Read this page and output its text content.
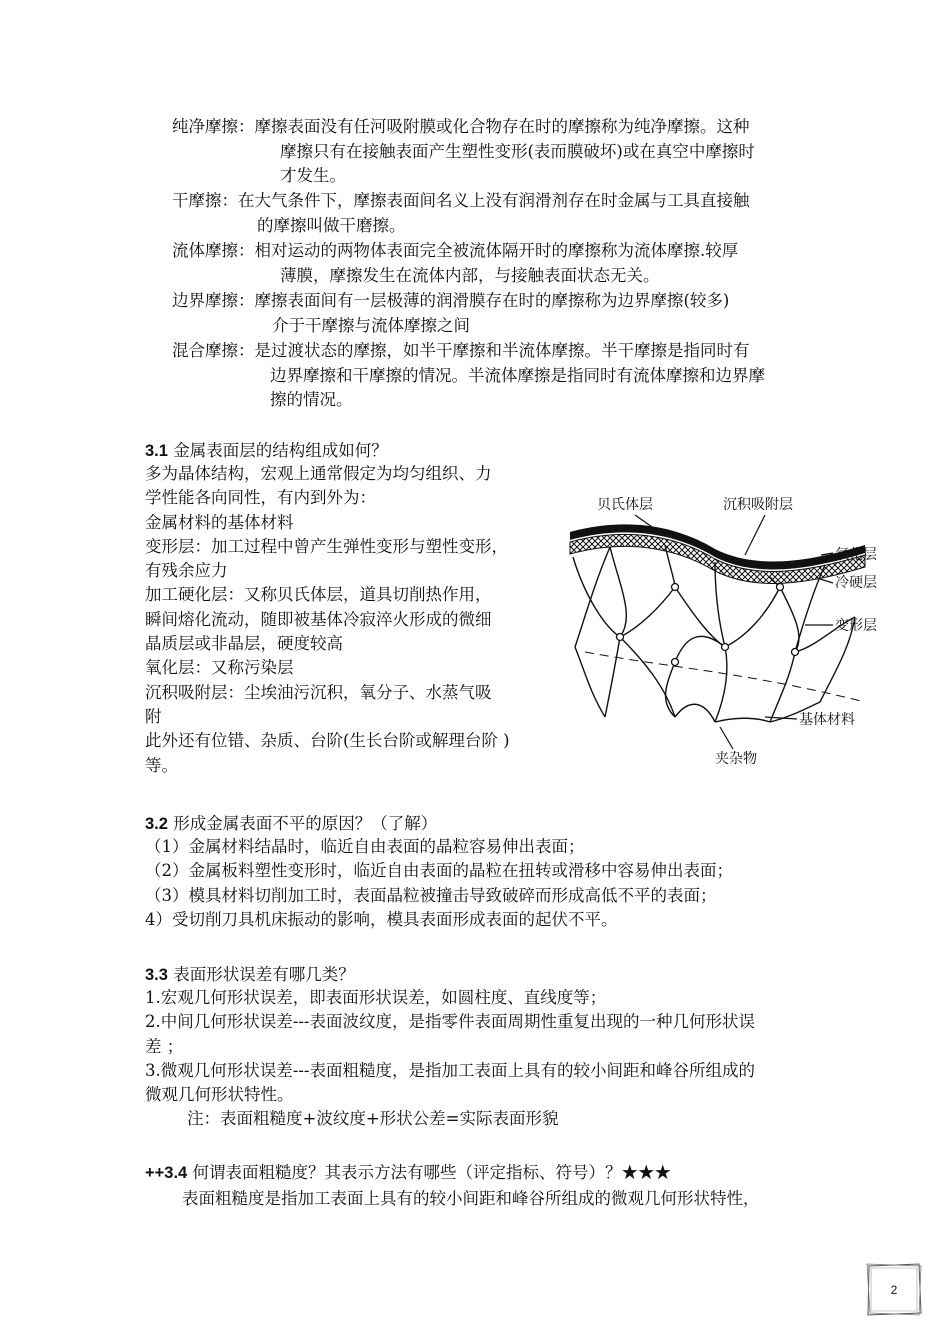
纯净摩擦：摩擦表面没有任河吸附膜或化合物存在时的摩擦称为纯净摩擦。这种
摩擦只有在接触表面产生塑性变形(表而膜破坏)或在真空中摩擦时
才发生。
干摩擦：在大气条件下，摩擦表面间名义上没有润滑剂存在时金属与工具直接触
的摩擦叫做干磨擦。
流体摩擦：相对运动的两物体表面完全被流体隔开时的摩擦称为流体摩擦.较厚
薄膜，摩擦发生在流体内部，与接触表面状态无关。
边界摩擦：摩擦表面间有一层极薄的润滑膜存在时的摩擦称为边界摩擦(较多)
介于干摩擦与流体摩擦之间
混合摩擦：是过渡状态的摩擦，如半干摩擦和半流体摩擦。半干摩擦是指同时有
边界摩擦和干摩擦的情况。半流体摩擦是指同时有流体摩擦和边界摩
擦的情况。
3.1 金属表面层的结构组成如何？
多为晶体结构，宏观上通常假定为均匀组织、力
学性能各向同性，有内到外为：
金属材料的基体材料
变形层：加工过程中曾产生弹性变形与塑性变形，
有残余应力
加工硬化层：又称贝氏体层，道具切削热作用，
瞬间熔化流动，随即被基体冷寂淬火形成的微细
晶质层或非晶层，硬度较高
氧化层：又称污染层
沉积吸附层：尘埃油污沉积，氧分子、水蒸气吸
附
此外还有位错、杂质、台阶(生长台阶或解理台阶 )
等。
贝氏体层	沉积吸附层
氧化层
冷硬层
变形层
基体材料
夹杂物
3.2 形成金属表面不平的原因？（了解）
（1）金属材料结晶时，临近自由表面的晶粒容易伸出表面；
（2）金属板料塑性变形时，临近自由表面的晶粒在扭转或滑移中容易伸出表面；
（3）模具材料切削加工时，表面晶粒被撞击导致破碎而形成高低不平的表面；
4）受切削刀具机床振动的影响，模具表面形成表面的起伏不平。
3.3 表面形状误差有哪几类？
1.宏观几何形状误差，即表面形状误差，如圆柱度、直线度等；
2.中间几何形状误差---表面波纹度，是指零件表面周期性重复出现的一种几何形状误
差 ；
3.微观几何形状误差---表面粗糙度，是指加工表面上具有的较小间距和峰谷所组成的
微观几何形状特性。
注：表面粗糙度+波纹度+形状公差=实际表面形貌
++3.4 何谓表面粗糙度？其表示方法有哪些（评定指标、符号）？★★★
表面粗糙度是指加工表面上具有的较小间距和峰谷所组成的微观几何形状特性，
2
